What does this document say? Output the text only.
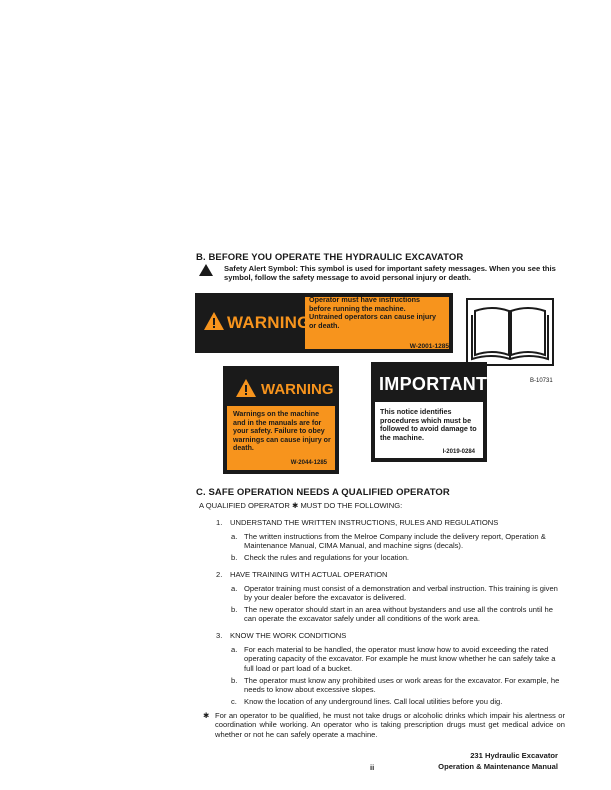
B. BEFORE YOU OPERATE THE HYDRAULIC EXCAVATOR
Safety Alert Symbol: This symbol is used for important safety messages. When you see this symbol, follow the safety message to avoid personal injury or death.
WARNING
Operator must have instructions before running the machine. Untrained operators can cause injury or death.
W-2001-1285
B-10731
WARNING
Warnings on the machine and in the manuals are for your safety. Failure to obey warnings can cause injury or death.
W-2044-1285
IMPORTANT
This notice identifies procedures which must be followed to avoid damage to the machine.
I-2019-0284
C. SAFE OPERATION NEEDS A QUALIFIED OPERATOR
A QUALIFIED OPERATOR ✱ MUST DO THE FOLLOWING:
1. UNDERSTAND THE WRITTEN INSTRUCTIONS, RULES AND REGULATIONS
a. The written instructions from the Melroe Company include the delivery report, Operation & Maintenance Manual, CIMA Manual, and machine signs (decals).
b. Check the rules and regulations for your location.
2. HAVE TRAINING WITH ACTUAL OPERATION
a. Operator training must consist of a demonstration and verbal instruction. This training is given by your dealer before the excavator is delivered.
b. The new operator should start in an area without bystanders and use all the controls until he can operate the excavator safely under all conditions of the work area.
3. KNOW THE WORK CONDITIONS
a. For each material to be handled, the operator must know how to avoid exceeding the rated operating capacity of the excavator. For example he must know whether he can safely take a full load or part load of a bucket.
b. The operator must know any prohibited uses or work areas for the excavator. For example, he needs to know about excessive slopes.
c. Know the location of any underground lines. Call local utilities before you dig.
✱ For an operator to be qualified, he must not take drugs or alcoholic drinks which impair his alertness or coordination while working. An operator who is taking prescription drugs must get medical advice on whether or not he can safely operate a machine.
ii
231 Hydraulic Excavator
Operation & Maintenance Manual
